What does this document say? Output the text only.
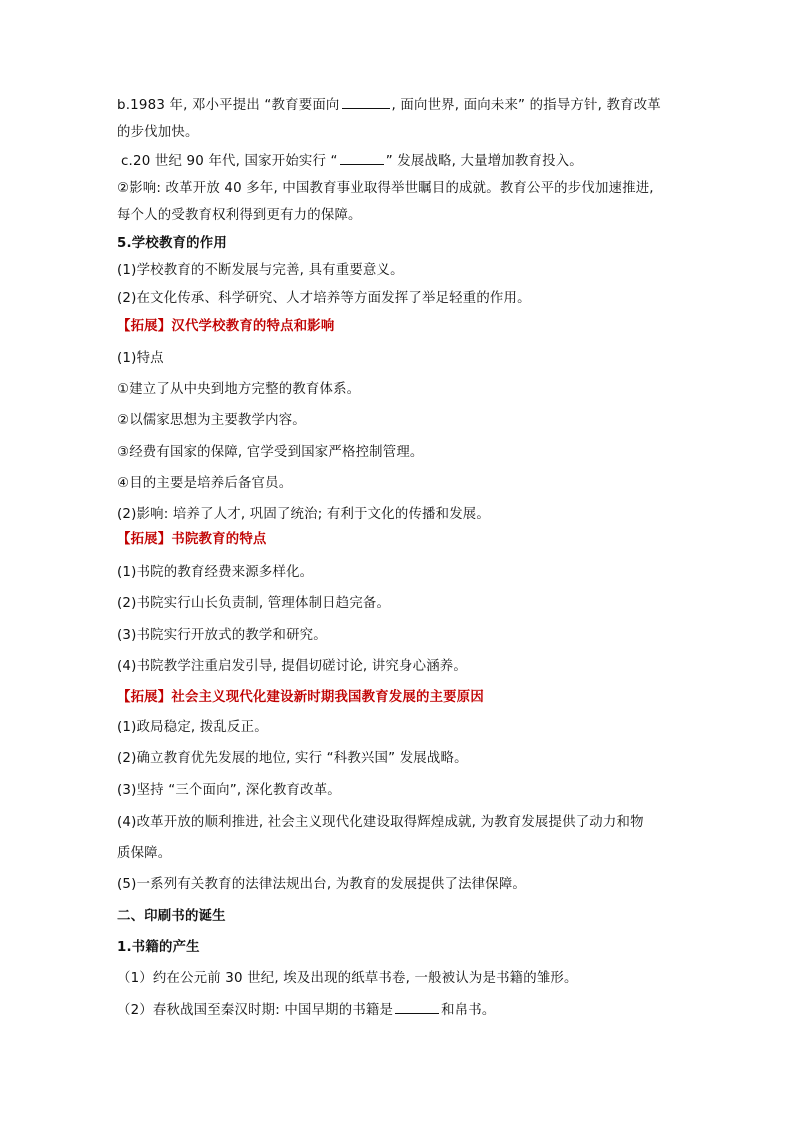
b.1983 年, 邓小平提出 “教育要面向	, 面向世界, 面向未来” 的指导方针, 教育改革
的步伐加快。
c.20 世纪 90 年代, 国家开始实行 “	” 发展战略, 大量增加教育投入。
②影响: 改革开放 40 多年, 中国教育事业取得举世瞩目的成就。教育公平的步伐加速推进,
每个人的受教育权利得到更有力的保障。
5.学校教育的作用
(1)学校教育的不断发展与完善, 具有重要意义。
(2)在文化传承、科学研究、人才培养等方面发挥了举足轻重的作用。
【拓展】汉代学校教育的特点和影响
(1)特点
①建立了从中央到地方完整的教育体系。
②以儒家思想为主要教学内容。
③经费有国家的保障, 官学受到国家严格控制管理。
④目的主要是培养后备官员。
(2)影响: 培养了人才, 巩固了统治; 有利于文化的传播和发展。
【拓展】书院教育的特点
(1)书院的教育经费来源多样化。
(2)书院实行山长负责制, 管理体制日趋完备。
(3)书院实行开放式的教学和研究。
(4)书院教学注重启发引导, 提倡切磋讨论, 讲究身心涵养。
【拓展】社会主义现代化建设新时期我国教育发展的主要原因
(1)政局稳定, 拨乱反正。
(2)确立教育优先发展的地位, 实行 “科教兴国” 发展战略。
(3)坚持 “三个面向”, 深化教育改革。
(4)改革开放的顺利推进, 社会主义现代化建设取得辉煌成就, 为教育发展提供了动力和物
质保障。
(5)一系列有关教育的法律法规出台, 为教育的发展提供了法律保障。
二、印刷书的诞生
1.书籍的产生
（1）约在公元前 30 世纪, 埃及出现的纸草书卷, 一般被认为是书籍的雏形。
（2）春秋战国至秦汉时期: 中国早期的书籍是	和帛书。
